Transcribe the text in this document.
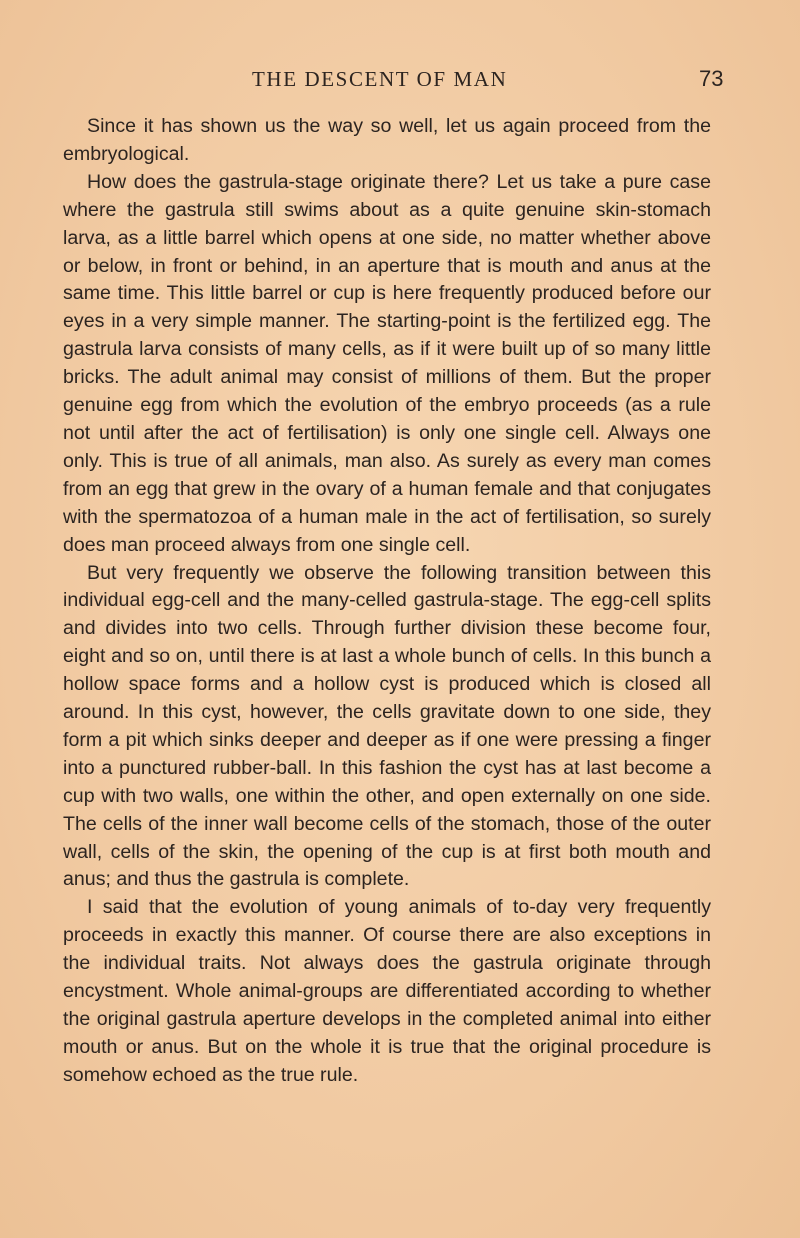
THE DESCENT OF MAN	73

Since it has shown us the way so well, let us again proceed from the embryological.

How does the gastrula-stage originate there? Let us take a pure case where the gastrula still swims about as a quite genuine skin-stomach larva, as a little barrel which opens at one side, no matter whether above or below, in front or behind, in an aperture that is mouth and anus at the same time. This little barrel or cup is here frequently produced before our eyes in a very simple manner. The starting-point is the fertilized egg. The gastrula larva consists of many cells, as if it were built up of so many little bricks. The adult animal may consist of millions of them. But the proper genuine egg from which the evolution of the embryo proceeds (as a rule not until after the act of fertilisation) is only one single cell. Always one only. This is true of all animals, man also. As surely as every man comes from an egg that grew in the ovary of a human female and that conjugates with the spermatozoa of a human male in the act of fertilisation, so surely does man proceed always from one single cell.

But very frequently we observe the following transition between this individual egg-cell and the many-celled gastrula-stage. The egg-cell splits and divides into two cells. Through further division these become four, eight and so on, until there is at last a whole bunch of cells. In this bunch a hollow space forms and a hollow cyst is produced which is closed all around. In this cyst, however, the cells gravitate down to one side, they form a pit which sinks deeper and deeper as if one were pressing a finger into a punctured rubber-ball. In this fashion the cyst has at last become a cup with two walls, one within the other, and open externally on one side. The cells of the inner wall become cells of the stomach, those of the outer wall, cells of the skin, the opening of the cup is at first both mouth and anus; and thus the gastrula is complete.

I said that the evolution of young animals of to-day very frequently proceeds in exactly this manner. Of course there are also exceptions in the individual traits. Not always does the gastrula originate through encystment. Whole animal-groups are differentiated according to whether the original gastrula aperture develops in the completed animal into either mouth or anus. But on the whole it is true that the original procedure is somehow echoed as the true rule.
